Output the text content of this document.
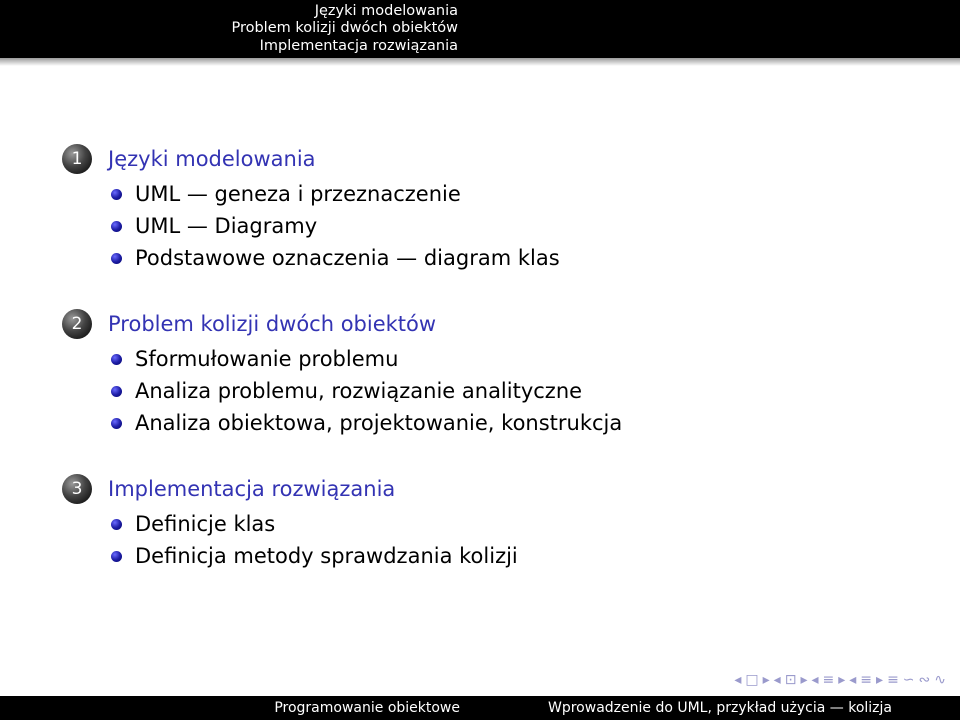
Języki modelowania
Problem kolizji dwóch obiektów
Implementacja rozwiązania
1	Języki modelowania
UML — geneza i przeznaczenie
UML — Diagramy
Podstawowe oznaczenia — diagram klas
2	Problem kolizji dwóch obiektów
Sformułowanie problemu
Analiza problemu, rozwiązanie analityczne
Analiza obiektowa, projektowanie, konstrukcja
3	Implementacja rozwiązania
Definicje klas
Definicja metody sprawdzania kolizji
◂ □ ▸ ◂ ⊡ ▸ ◂ ≡ ▸ ◂ ≡ ▸ ≡ ∽ ∾ ∿
Programowanie obiektowe	Wprowadzenie do UML, przykład użycia — kolizja
